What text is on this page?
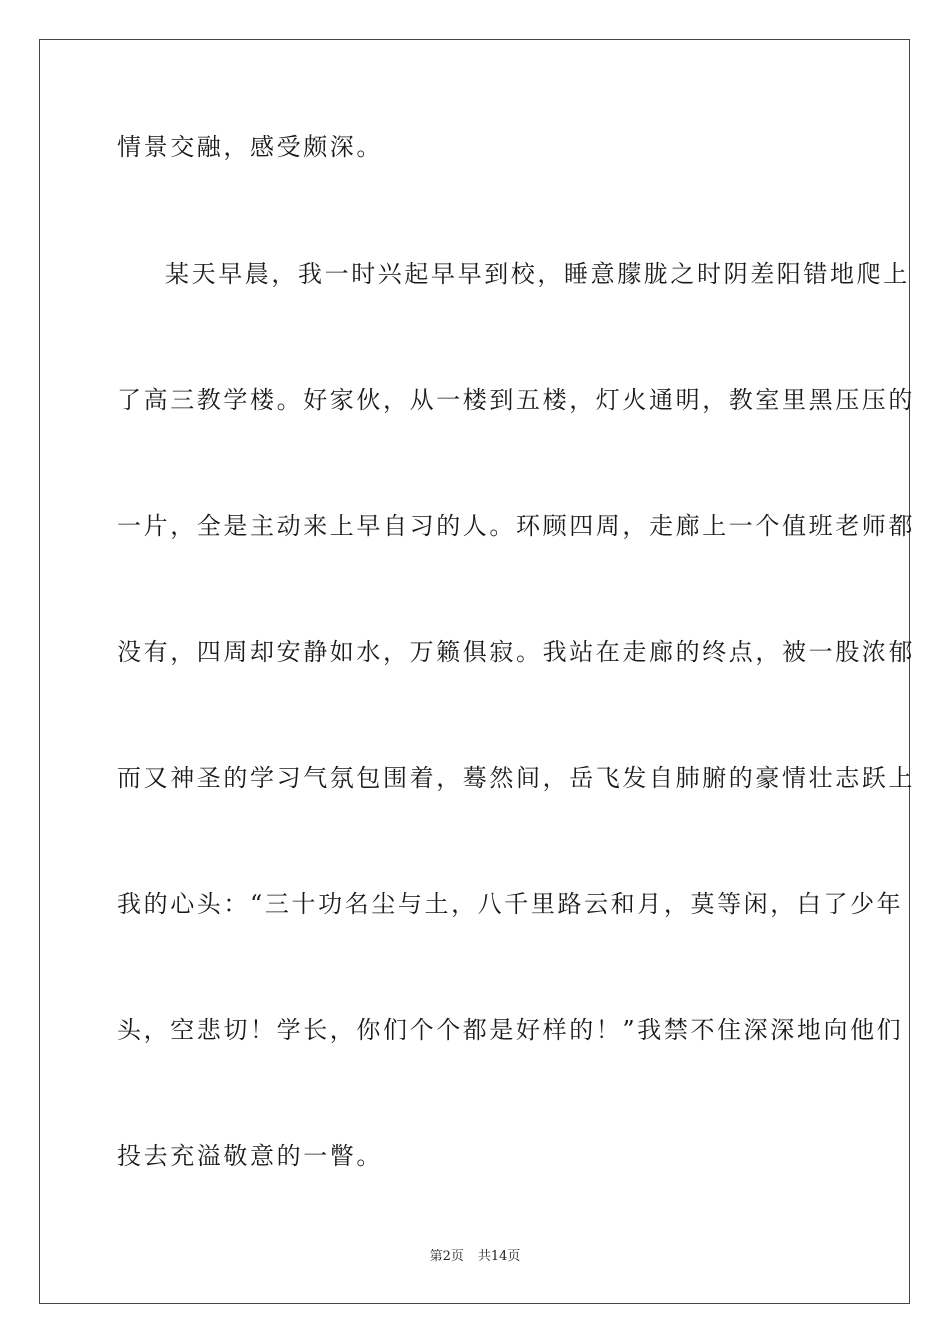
情景交融，感受颇深。
某天早晨，我一时兴起早早到校，睡意朦胧之时阴差阳错地爬上
了高三教学楼。好家伙，从一楼到五楼，灯火通明，教室里黑压压的
一片，全是主动来上早自习的人。环顾四周，走廊上一个值班老师都
没有，四周却安静如水，万籁俱寂。我站在走廊的终点，被一股浓郁
而又神圣的学习气氛包围着，蓦然间，岳飞发自肺腑的豪情壮志跃上
我的心头：“三十功名尘与土，八千里路云和月，莫等闲，白了少年
头，空悲切！学长，你们个个都是好样的！”我禁不住深深地向他们
投去充溢敬意的一瞥。
第2页 共14页
